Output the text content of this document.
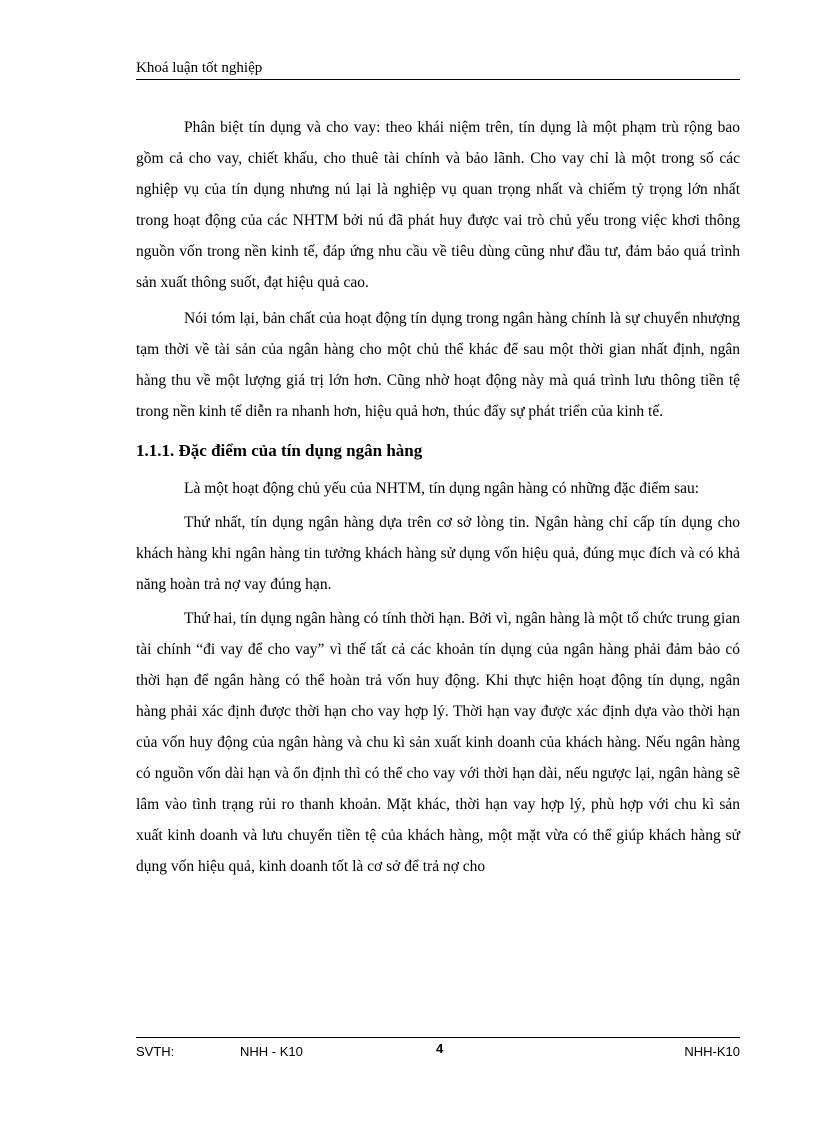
Khoá luận tốt nghiệp

Phân biệt tín dụng và cho vay: theo khái niệm trên, tín dụng là một phạm trù rộng bao gồm cả cho vay, chiết khấu, cho thuê tài chính và bảo lãnh. Cho vay chỉ là một trong số các nghiệp vụ của tín dụng nhưng nú lại là nghiệp vụ quan trọng nhất và chiếm tỷ trọng lớn nhất trong hoạt động của các NHTM bởi nú đã phát huy được vai trò chủ yếu trong việc khơi thông nguồn vốn trong nền kinh tế, đáp ứng nhu cầu về tiêu dùng cũng như đầu tư, đảm bảo quá trình sản xuất thông suốt, đạt hiệu quả cao.

Nói tóm lại, bản chất của hoạt động tín dụng trong ngân hàng chính là sự chuyển nhượng tạm thời về tài sản của ngân hàng cho một chủ thể khác để sau một thời gian nhất định, ngân hàng thu về một lượng giá trị lớn hơn. Cũng nhờ hoạt động này mà quá trình lưu thông tiền tệ trong nền kinh tế diễn ra nhanh hơn, hiệu quả hơn, thúc đẩy sự phát triển của kinh tế.

1.1.1. Đặc điểm của tín dụng ngân hàng

Là một hoạt động chủ yếu của NHTM, tín dụng ngân hàng có những đặc điểm sau:

Thứ nhất, tín dụng ngân hàng dựa trên cơ sở lòng tin. Ngân hàng chỉ cấp tín dụng cho khách hàng khi ngân hàng tin tưởng khách hàng sử dụng vốn hiệu quả, đúng mục đích và có khả năng hoàn trả nợ vay đúng hạn.

Thứ hai, tín dụng ngân hàng có tính thời hạn. Bởi vì, ngân hàng là một tổ chức trung gian tài chính “đi vay để cho vay” vì thế tất cả các khoản tín dụng của ngân hàng phải đảm bảo có thời hạn để ngân hàng có thể hoàn trả vốn huy động. Khi thực hiện hoạt động tín dụng, ngân hàng phải xác định được thời hạn cho vay hợp lý. Thời hạn vay được xác định dựa vào thời hạn của vốn huy động của ngân hàng và chu kì sản xuất kinh doanh của khách hàng. Nếu ngân hàng có nguồn vốn dài hạn và ổn định thì có thể cho vay với thời hạn dài, nếu ngược lại, ngân hàng sẽ lâm vào tình trạng rủi ro thanh khoản. Mặt khác, thời hạn vay hợp lý, phù hợp với chu kì sản xuất kinh doanh và lưu chuyển tiền tệ của khách hàng, một mặt vừa có thể giúp khách hàng sử dụng vốn hiệu quả, kinh doanh tốt là cơ sở để trả nợ cho

SVTH:	NHH - K10	4	NHH-K10
